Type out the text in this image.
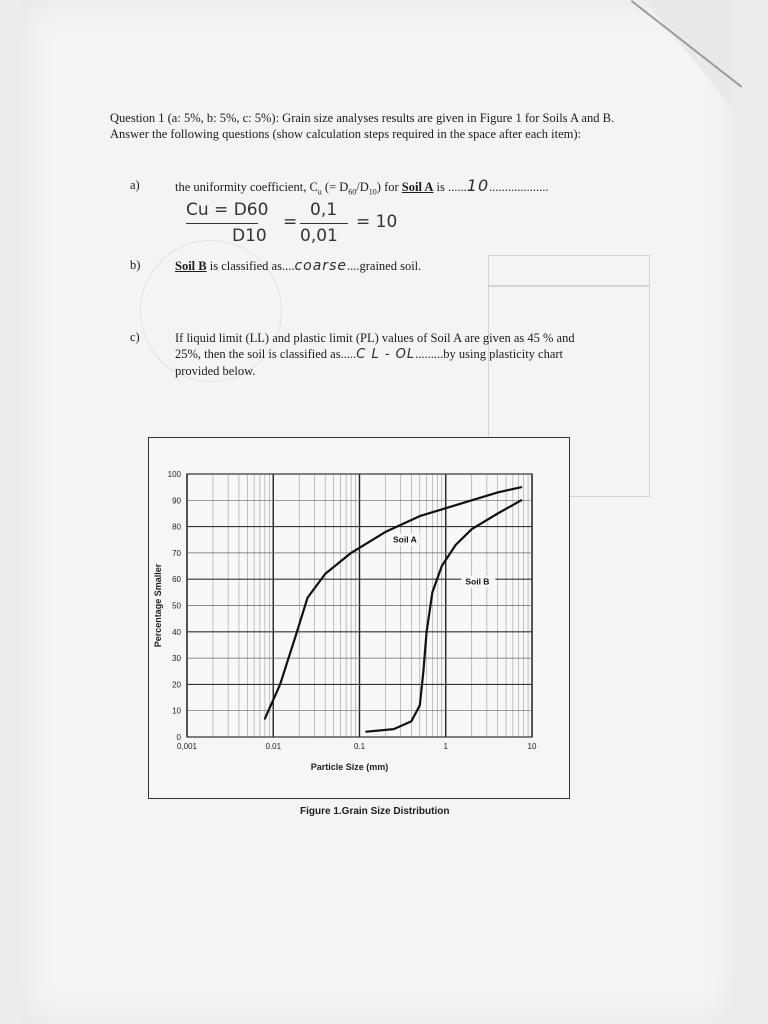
Question 1 (a: 5%, b: 5%, c: 5%): Grain size analyses results are given in Figure 1 for Soils A and B. Answer the following questions (show calculation steps required in the space after each item):
a)	the uniformity coefficient, $C_u$ (= $D_{60}/D_{10}$) for Soil A is ......10...................
Cu = D60
D10
=
0,1
0,01
= 10
b)	Soil B is classified as....coarse....grained soil.
c)	If liquid limit (LL) and plastic limit (PL) values of Soil A are given as 45 % and
25%, then the soil is classified as.....C L - OL.........by using plasticity chart
provided below.
0
10
20
30
40
50
60
70
80
90
100
0,001	0.01	0.1	1	10
Particle Size (mm)
Percentage Smaller
Soil A
Soil B
Figure 1.Grain Size Distribution
